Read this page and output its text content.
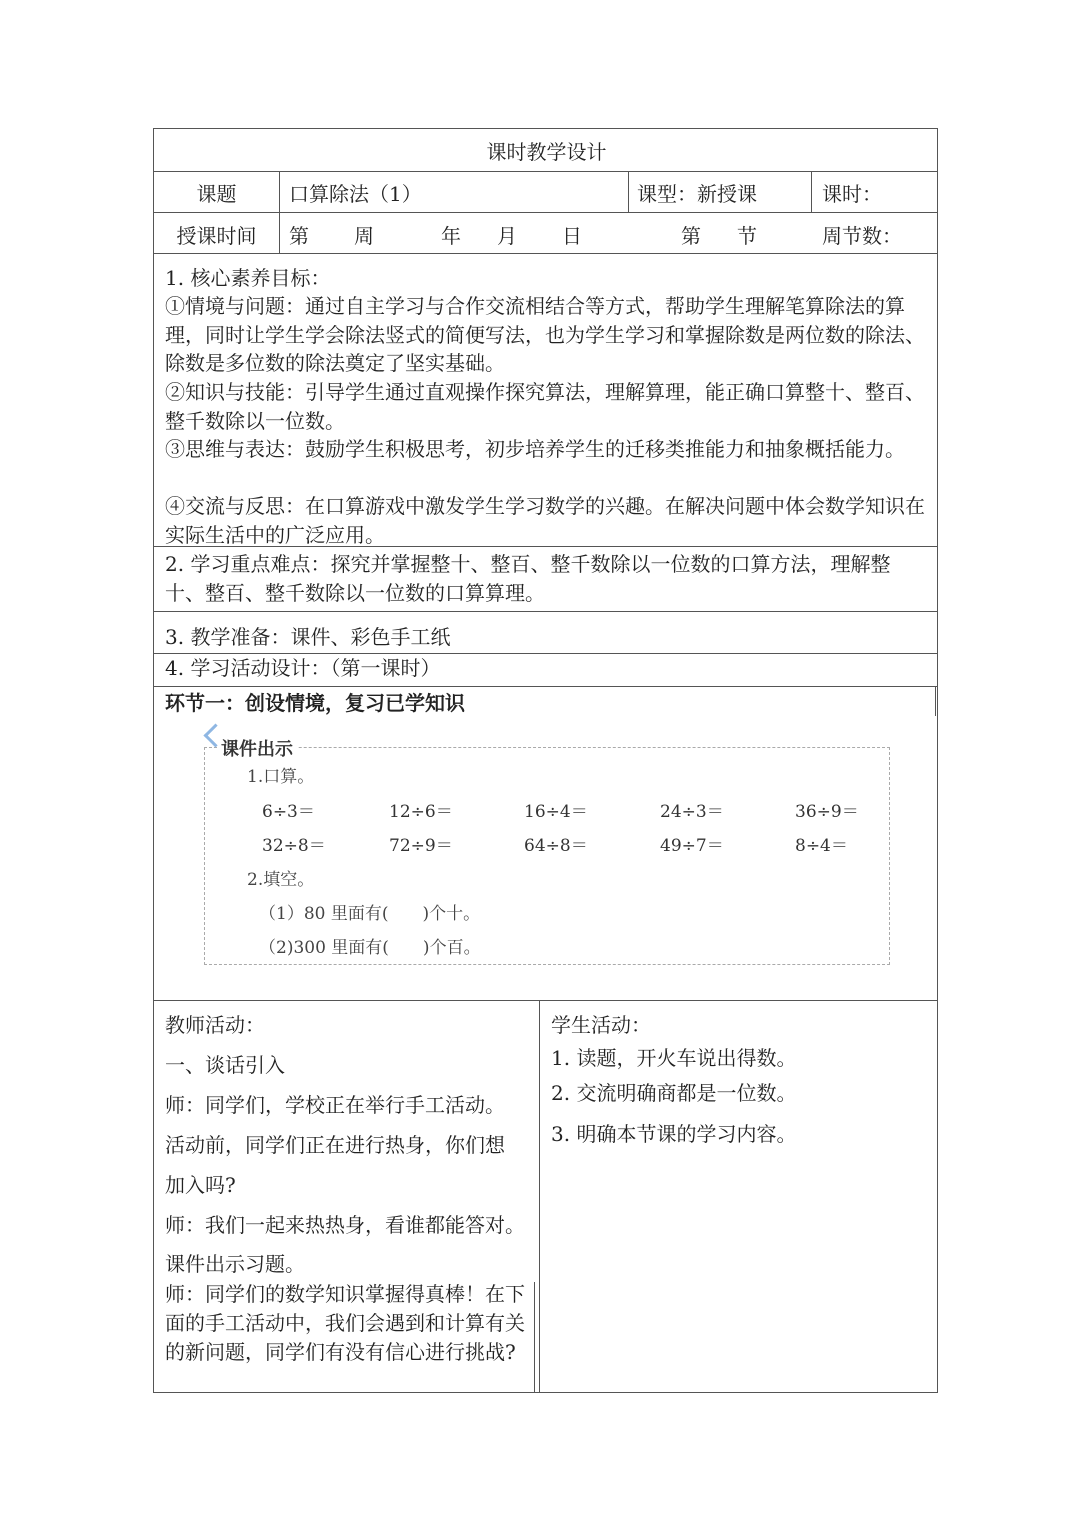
课时教学设计
课题	口算除法（1）	课型：新授课	课时：
授课时间	第 周	年 月 日	第 节	周节数：
1. 核心素养目标：
①情境与问题：通过自主学习与合作交流相结合等方式，帮助学生理解笔算除法的算理，同时让学生学会除法竖式的简便写法，也为学生学习和掌握除数是两位数的除法、除数是多位数的除法奠定了坚实基础。
②知识与技能：引导学生通过直观操作探究算法，理解算理，能正确口算整十、整百、整千数除以一位数。
③思维与表达：鼓励学生积极思考，初步培养学生的迁移类推能力和抽象概括能力。
④交流与反思：在口算游戏中激发学生学习数学的兴趣。在解决问题中体会数学知识在实际生活中的广泛应用。
2. 学习重点难点：探究并掌握整十、整百、整千数除以一位数的口算方法，理解整十、整百、整千数除以一位数的口算算理。
3. 教学准备：课件、彩色手工纸
4. 学习活动设计：（第一课时）
环节一：创设情境，复习已学知识
课件出示
1.口算。
6÷3＝	12÷6＝	16÷4＝	24÷3＝	36÷9＝
32÷8＝	72÷9＝	64÷8＝	49÷7＝	8÷4＝
2.填空。
（1）80 里面有(　　)个十。
（2)300 里面有(　　)个百。
教师活动：
一、谈话引入
师：同学们，学校正在举行手工活动。
活动前，同学们正在进行热身，你们想
加入吗?
师：我们一起来热热身，看谁都能答对。
课件出示习题。
师：同学们的数学知识掌握得真棒！在下面的手工活动中，我们会遇到和计算有关的新问题，同学们有没有信心进行挑战?
学生活动：
1. 读题，开火车说出得数。
2. 交流明确商都是一位数。
3. 明确本节课的学习内容。
